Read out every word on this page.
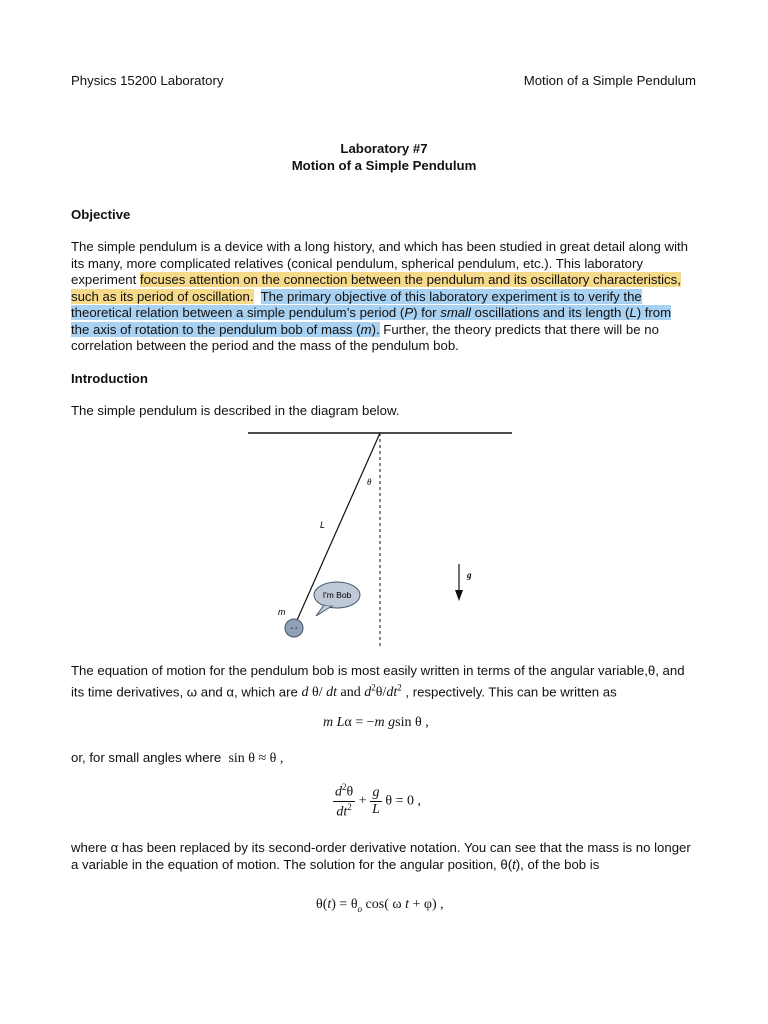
Physics 15200 Laboratory	Motion of a Simple Pendulum
Laboratory #7
Motion of a Simple Pendulum
Objective
The simple pendulum is a device with a long history, and which has been studied in great detail along with its many, more complicated relatives (conical pendulum, spherical pendulum, etc.). This laboratory experiment focuses attention on the connection between the pendulum and its oscillatory characteristics, such as its period of oscillation. The primary objective of this laboratory experiment is to verify the theoretical relation between a simple pendulum’s period (P) for small oscillations and its length (L) from the axis of rotation to the pendulum bob of mass (m). Further, the theory predicts that there will be no correlation between the period and the mass of the pendulum bob.
Introduction
The simple pendulum is described in the diagram below.
θ
L
m
• •
I'm Bob
g
The equation of motion for the pendulum bob is most easily written in terms of the angular variable,θ, and its time derivatives, ω and α, which are d θ/ dt and $d^2\theta/dt^2$ , respectively. This can be written as
m Lα = −m gsin θ ,
or, for small angles where  sin θ ≈ θ ,
$\frac{d^2\theta}{dt^2} + \frac{g}{L}$ θ = 0 ,
where α has been replaced by its second-order derivative notation. You can see that the mass is no longer a variable in the equation of motion. The solution for the angular position, θ(t), of the bob is
$\theta(t) = \theta_o$ cos( ω t + φ) ,
